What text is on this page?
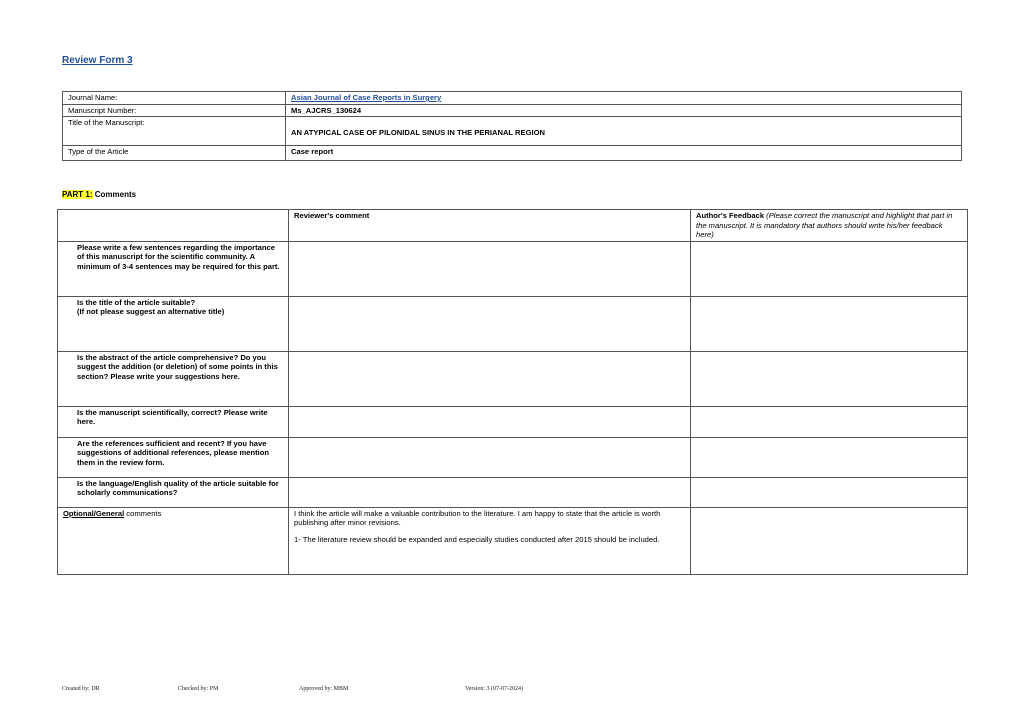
Review Form 3
Journal Name:	Asian Journal of Case Reports in Surgery
Manuscript Number:	Ms_AJCRS_130624
Title of the Manuscript:	AN ATYPICAL CASE OF PILONIDAL SINUS IN THE PERIANAL REGION
Type of the Article	Case report
PART 1: Comments
	Reviewer's comment	Author's Feedback (Please correct the manuscript and highlight that part in the manuscript. It is mandatory that authors should write his/her feedback here)
Please write a few sentences regarding the importance of this manuscript for the scientific community. A minimum of 3-4 sentences may be required for this part.		
Is the title of the article suitable?
(If not please suggest an alternative title)		
Is the abstract of the article comprehensive? Do you suggest the addition (or deletion) of some points in this section? Please write your suggestions here.		
Is the manuscript scientifically, correct? Please write here.		
Are the references sufficient and recent? If you have suggestions of additional references, please mention them in the review form.		
Is the language/English quality of the article suitable for scholarly communications?		
Optional/General comments	I think the article will make a valuable contribution to the literature. I am happy to state that the article is worth publishing after minor revisions.

1- The literature review should be expanded and especially studies conducted after 2015 should be included.	

Created by: DR	Checked by: PM	Approved by: MBM	Version: 3 (07-07-2024)
